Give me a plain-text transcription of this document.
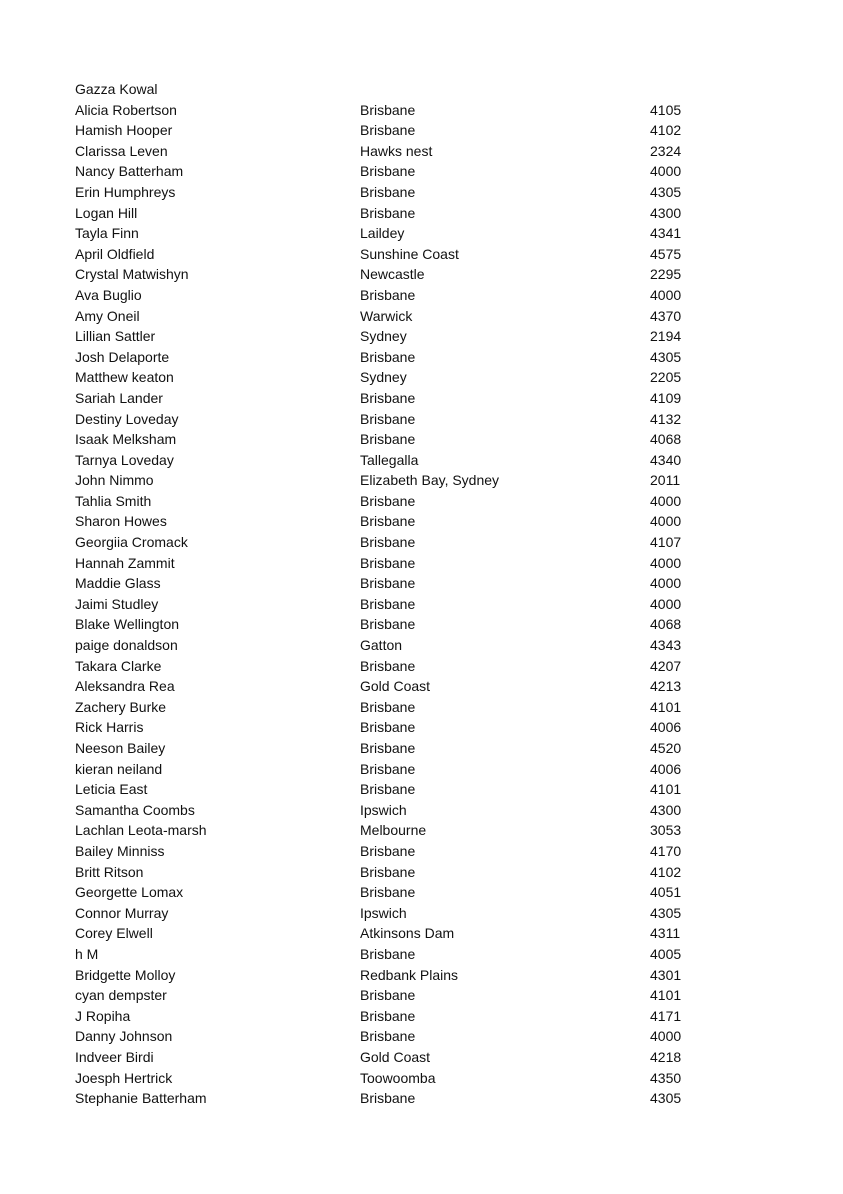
Gazza Kowal
Alicia Robertson	Brisbane	4105
Hamish Hooper	Brisbane	4102
Clarissa Leven	Hawks nest	2324
Nancy Batterham	Brisbane	4000
Erin Humphreys	Brisbane	4305
Logan Hill	Brisbane	4300
Tayla Finn	Laildey	4341
April Oldfield	Sunshine Coast	4575
Crystal Matwishyn	Newcastle	2295
Ava Buglio	Brisbane	4000
Amy Oneil	Warwick	4370
Lillian Sattler	Sydney	2194
Josh Delaporte	Brisbane	4305
Matthew keaton	Sydney	2205
Sariah Lander	Brisbane	4109
Destiny Loveday	Brisbane	4132
Isaak Melksham	Brisbane	4068
Tarnya Loveday	Tallegalla	4340
John Nimmo	Elizabeth Bay, Sydney	2011
Tahlia Smith	Brisbane	4000
Sharon Howes	Brisbane	4000
Georgiia Cromack	Brisbane	4107
Hannah Zammit	Brisbane	4000
Maddie Glass	Brisbane	4000
Jaimi Studley	Brisbane	4000
Blake Wellington	Brisbane	4068
paige donaldson	Gatton	4343
Takara Clarke	Brisbane	4207
Aleksandra Rea	Gold Coast	4213
Zachery Burke	Brisbane	4101
Rick Harris	Brisbane	4006
Neeson Bailey	Brisbane	4520
kieran neiland	Brisbane	4006
Leticia East	Brisbane	4101
Samantha Coombs	Ipswich	4300
Lachlan Leota-marsh	Melbourne	3053
Bailey Minniss	Brisbane	4170
Britt Ritson	Brisbane	4102
Georgette Lomax	Brisbane	4051
Connor Murray	Ipswich	4305
Corey Elwell	Atkinsons Dam	4311
h M	Brisbane	4005
Bridgette Molloy	Redbank Plains	4301
cyan dempster	Brisbane	4101
J Ropiha	Brisbane	4171
Danny Johnson	Brisbane	4000
Indveer Birdi	Gold Coast	4218
Joesph Hertrick	Toowoomba	4350
Stephanie Batterham	Brisbane	4305
